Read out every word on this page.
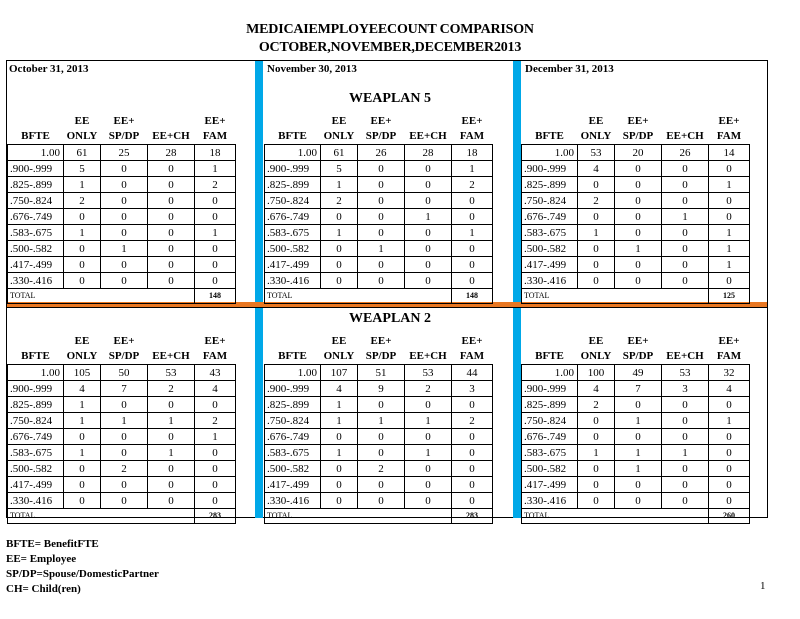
MEDICAIEMPLOYEECOUNT COMPARISON
OCTOBER,NOVEMBER,DECEMBER2013
October 31, 2013	November 30, 2013	December 31, 2013
WEAPLAN 5
WEAPLAN 2
	EE	EE+		EE+
BFTE	ONLY	SP/DP	EE+CH	FAM
1.00	61	25	28	18
.900-.999	5	0	0	1
.825-.899	1	0	0	2
.750-.824	2	0	0	0
.676-.749	0	0	0	0
.583-.675	1	0	0	1
.500-.582	0	1	0	0
.417-.499	0	0	0	0
.330-.416	0	0	0	0
TOTAL				148
	EE	EE+		EE+
BFTE	ONLY	SP/DP	EE+CH	FAM
1.00	61	26	28	18
.900-.999	5	0	0	1
.825-.899	1	0	0	2
.750-.824	2	0	0	0
.676-.749	0	0	1	0
.583-.675	1	0	0	1
.500-.582	0	1	0	0
.417-.499	0	0	0	0
.330-.416	0	0	0	0
TOTAL				148
	EE	EE+		EE+
BFTE	ONLY	SP/DP	EE+CH	FAM
1.00	53	20	26	14
.900-.999	4	0	0	0
.825-.899	0	0	0	1
.750-.824	2	0	0	0
.676-.749	0	0	1	0
.583-.675	1	0	0	1
.500-.582	0	1	0	1
.417-.499	0	0	0	1
.330-.416	0	0	0	0
TOTAL				125
	EE	EE+		EE+
BFTE	ONLY	SP/DP	EE+CH	FAM
1.00	105	50	53	43
.900-.999	4	7	2	4
.825-.899	1	0	0	0
.750-.824	1	1	1	2
.676-.749	0	0	0	1
.583-.675	1	0	1	0
.500-.582	0	2	0	0
.417-.499	0	0	0	0
.330-.416	0	0	0	0
TOTAL				283
	EE	EE+		EE+
BFTE	ONLY	SP/DP	EE+CH	FAM
1.00	107	51	53	44
.900-.999	4	9	2	3
.825-.899	1	0	0	0
.750-.824	1	1	1	2
.676-.749	0	0	0	0
.583-.675	1	0	1	0
.500-.582	0	2	0	0
.417-.499	0	0	0	0
.330-.416	0	0	0	0
TOTAL				283
	EE	EE+		EE+
BFTE	ONLY	SP/DP	EE+CH	FAM
1.00	100	49	53	32
.900-.999	4	7	3	4
.825-.899	2	0	0	0
.750-.824	0	1	0	1
.676-.749	0	0	0	0
.583-.675	1	1	1	0
.500-.582	0	1	0	0
.417-.499	0	0	0	0
.330-.416	0	0	0	0
TOTAL				260
BFTE= BenefitFTE
EE= Employee
SP/DP=Spouse/DomesticPartner
CH= Child(ren)	1
